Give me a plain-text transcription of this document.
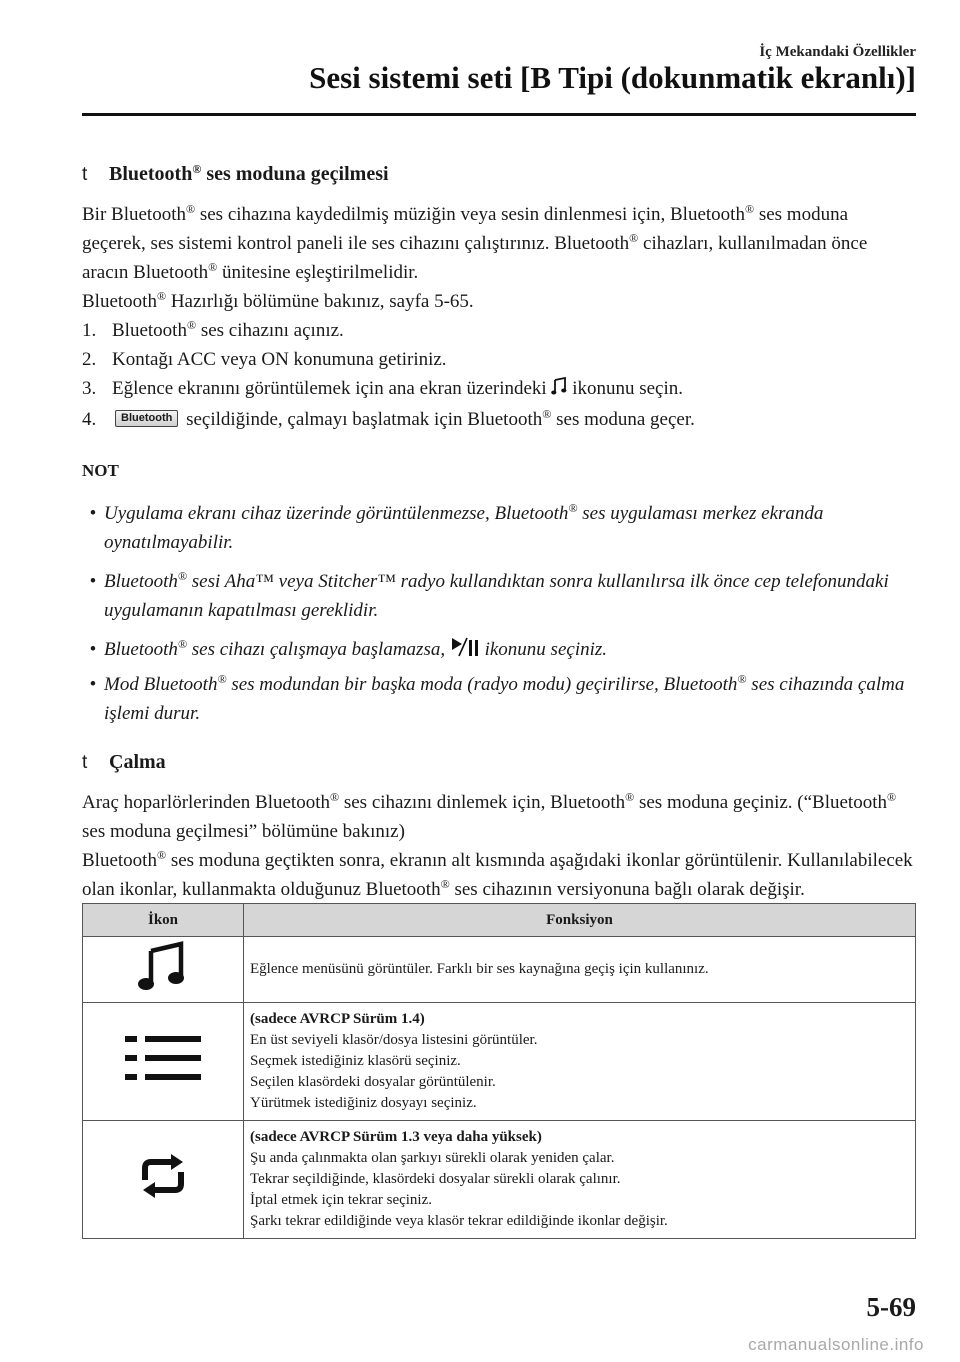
İç Mekandaki Özellikler
Sesi sistemi seti [B Tipi (dokunmatik ekranlı)]
t Bluetooth® ses moduna geçilmesi

Bir Bluetooth® ses cihazına kaydedilmiş müziğin veya sesin dinlenmesi için, Bluetooth® ses moduna geçerek, ses sistemi kontrol paneli ile ses cihazını çalıştırınız. Bluetooth® cihazları, kullanılmadan önce aracın Bluetooth® ünitesine eşleştirilmelidir.

Bluetooth® Hazırlığı bölümüne bakınız, sayfa 5-65.

1. Bluetooth® ses cihazını açınız.
2. Kontağı ACC veya ON konumuna getiriniz.
3. Eğlence ekranını görüntülemek için ana ekran üzerindeki  ikonunu seçin.
4.	Bluetooth seçildiğinde, çalmayı başlatmak için Bluetooth® ses moduna geçer.
NOT
• Uygulama ekranı cihaz üzerinde görüntülenmezse, Bluetooth® ses uygulaması merkez ekranda oynatılmayabilir.
• Bluetooth® sesi Aha™ veya Stitcher™ radyo kullandıktan sonra kullanılırsa ilk önce cep telefonundaki uygulamanın kapatılması gereklidir.
• Bluetooth® ses cihazı çalışmaya başlamazsa,  ikonunu seçiniz.
• Mod Bluetooth® ses modundan bir başka moda (radyo modu) geçirilirse, Bluetooth® ses cihazında çalma işlemi durur.
t Çalma

Araç hoparlörlerinden Bluetooth® ses cihazını dinlemek için, Bluetooth® ses moduna geçiniz. (“Bluetooth® ses moduna geçilmesi” bölümüne bakınız)

Bluetooth® ses moduna geçtikten sonra, ekranın alt kısmında aşağıdaki ikonlar görüntülenir. Kullanılabilecek olan ikonlar, kullanmakta olduğunuz Bluetooth® ses cihazının versiyonuna bağlı olarak değişir.

İkon	Fonksiyon

Eğlence menüsünü görüntüler. Farklı bir ses kaynağına geçiş için kullanınız.

(sadece AVRCP Sürüm 1.4)
En üst seviyeli klasör/dosya listesini görüntüler.
Seçmek istediğiniz klasörü seçiniz.
Seçilen klasördeki dosyalar görüntülenir.
Yürütmek istediğiniz dosyayı seçiniz.

(sadece AVRCP Sürüm 1.3 veya daha yüksek)
Şu anda çalınmakta olan şarkıyı sürekli olarak yeniden çalar.
Tekrar seçildiğinde, klasördeki dosyalar sürekli olarak çalınır.
İptal etmek için tekrar seçiniz.
Şarkı tekrar edildiğinde veya klasör tekrar edildiğinde ikonlar değişir.
5-69
carmanualsonline.info
